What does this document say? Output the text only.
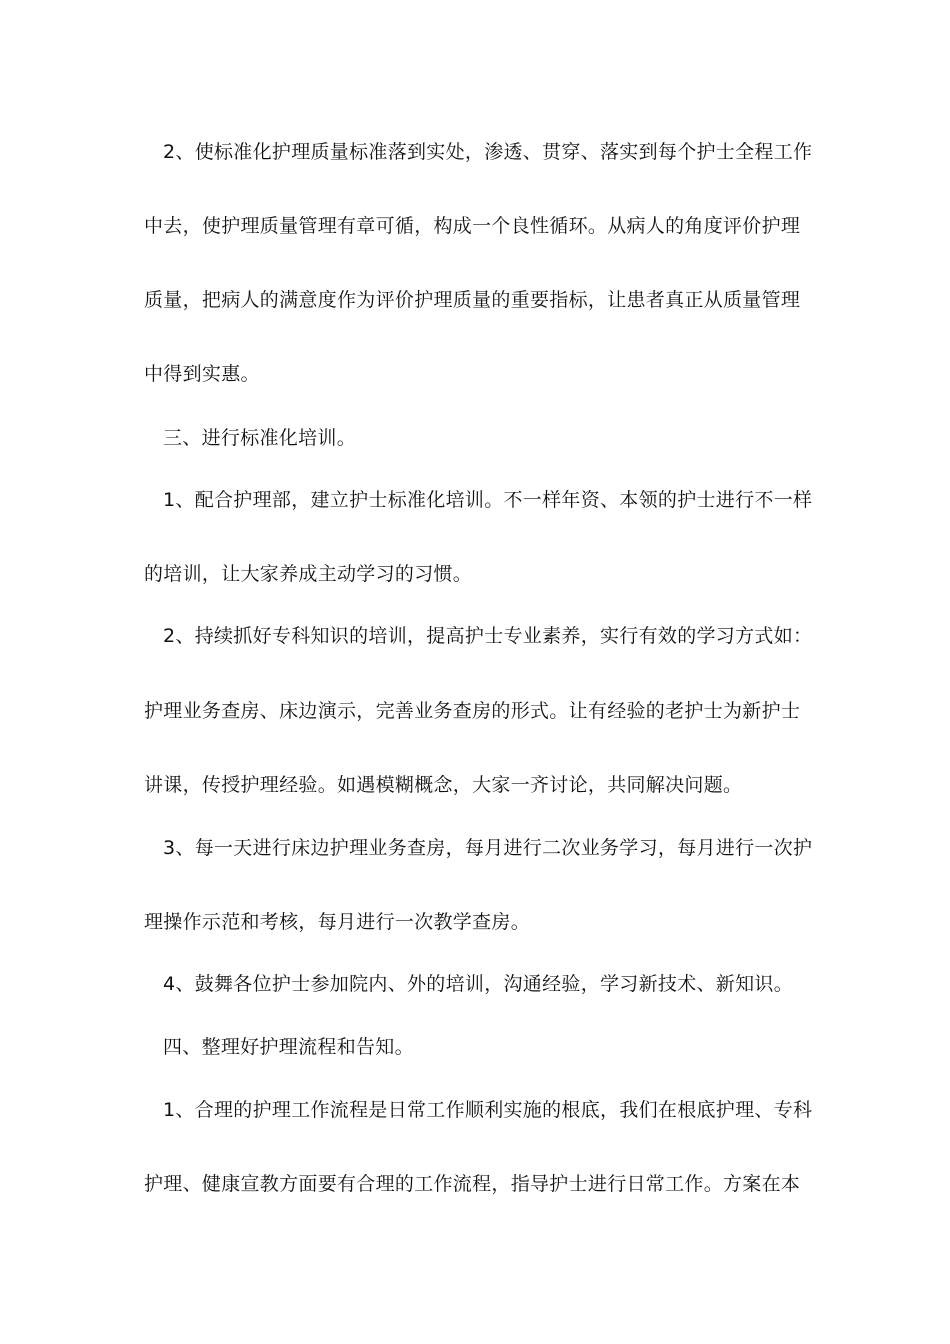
2、使标准化护理质量标准落到实处，渗透、贯穿、落实到每个护士全程工作
中去，使护理质量管理有章可循，构成一个良性循环。从病人的角度评价护理
质量，把病人的满意度作为评价护理质量的重要指标，让患者真正从质量管理
中得到实惠。
三、进行标准化培训。
1、配合护理部，建立护士标准化培训。不一样年资、本领的护士进行不一样
的培训，让大家养成主动学习的习惯。
2、持续抓好专科知识的培训，提高护士专业素养，实行有效的学习方式如：
护理业务查房、床边演示，完善业务查房的形式。让有经验的老护士为新护士
讲课，传授护理经验。如遇模糊概念，大家一齐讨论，共同解决问题。
3、每一天进行床边护理业务查房，每月进行二次业务学习，每月进行一次护
理操作示范和考核，每月进行一次教学查房。
4、鼓舞各位护士参加院内、外的培训，沟通经验，学习新技术、新知识。
四、整理好护理流程和告知。
1、合理的护理工作流程是日常工作顺利实施的根底，我们在根底护理、专科
护理、健康宣教方面要有合理的工作流程，指导护士进行日常工作。方案在本
